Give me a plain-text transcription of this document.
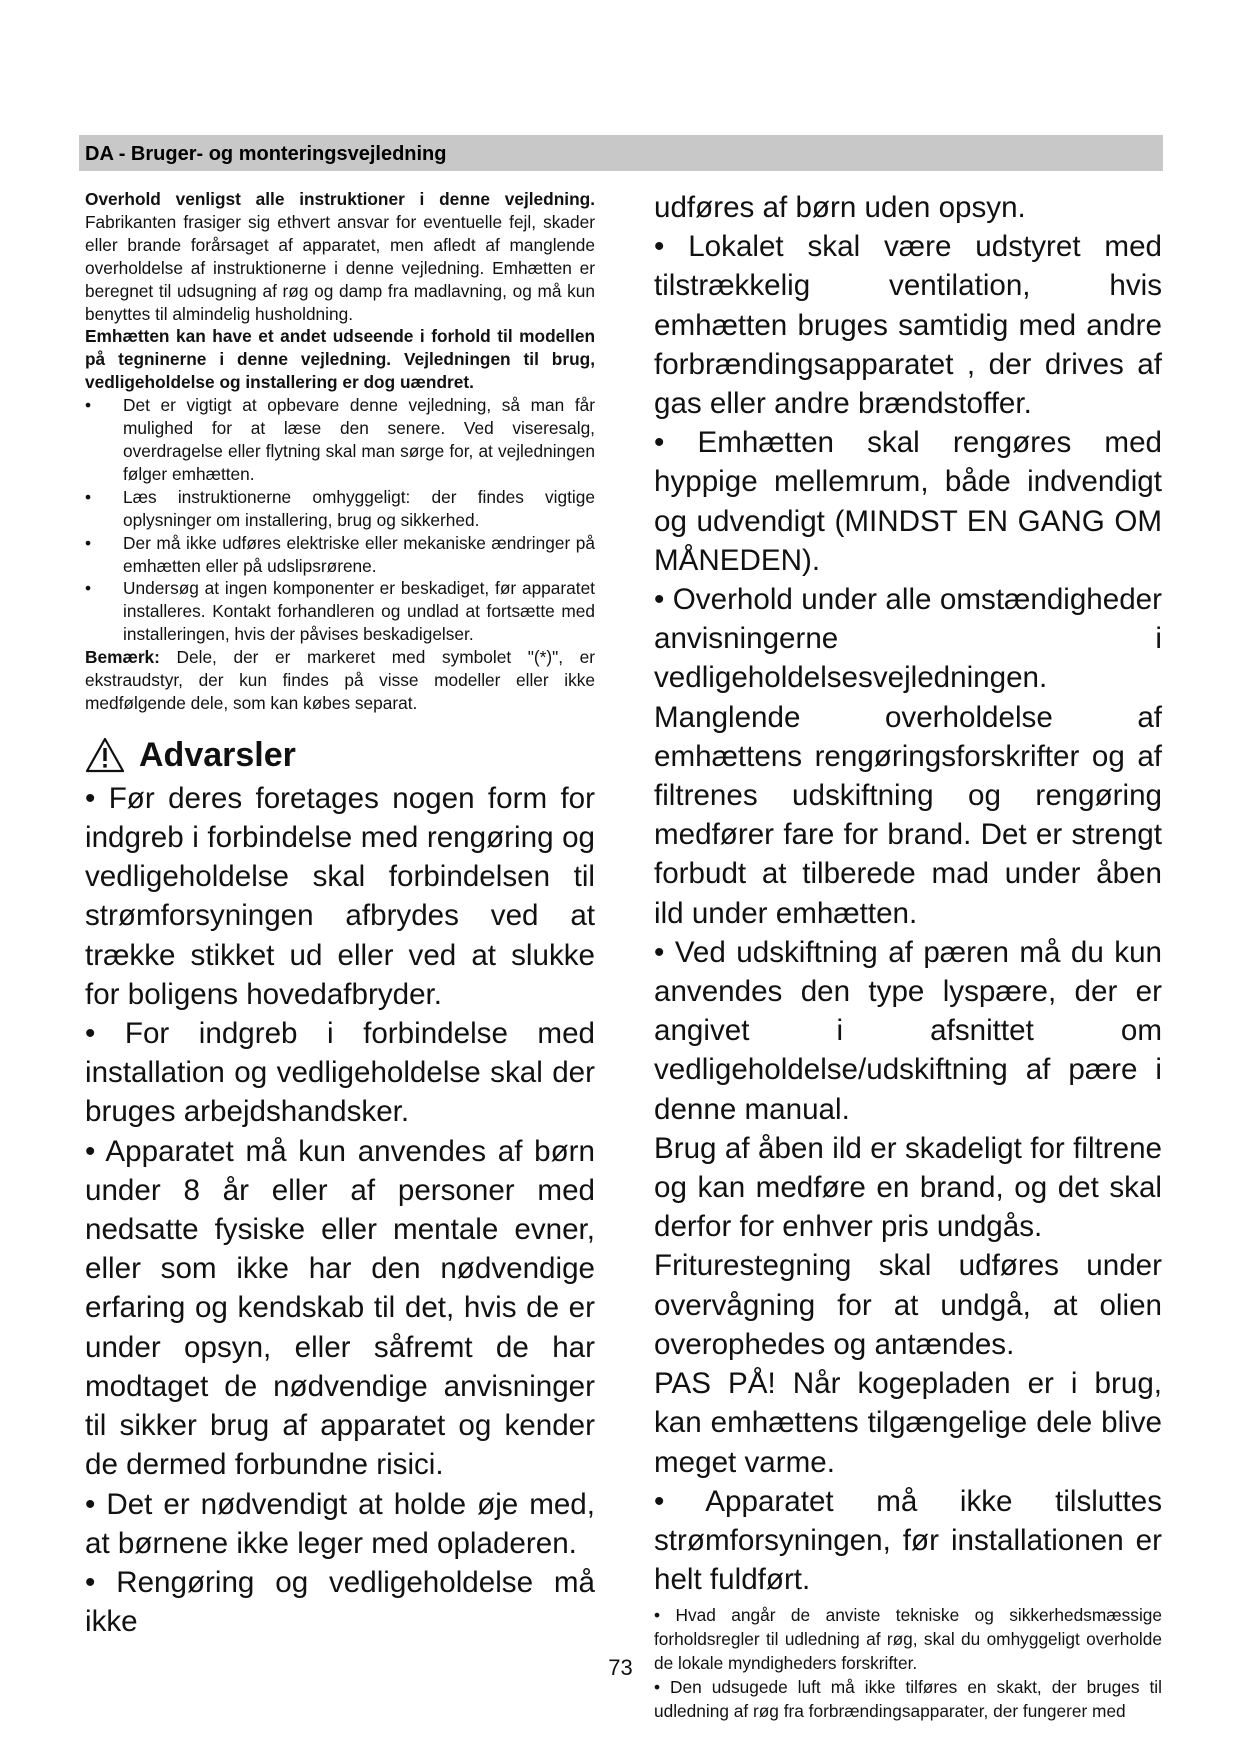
DA - Bruger- og monteringsvejledning

Overhold venligst alle instruktioner i denne vejledning. Fabrikanten frasiger sig ethvert ansvar for eventuelle fejl, skader eller brande forårsaget af apparatet, men afledt af manglende overholdelse af instruktionerne i denne vejledning. Emhætten er beregnet til udsugning af røg og damp fra madlavning, og må kun benyttes til almindelig husholdning.

Emhætten kan have et andet udseende i forhold til modellen på tegninerne i denne vejledning. Vejledningen til brug, vedligeholdelse og installering er dog uændret.

• Det er vigtigt at opbevare denne vejledning, så man får mulighed for at læse den senere. Ved viseresalg, overdragelse eller flytning skal man sørge for, at vejledningen følger emhætten.
• Læs instruktionerne omhyggeligt: der findes vigtige oplysninger om installering, brug og sikkerhed.
• Der må ikke udføres elektriske eller mekaniske ændringer på emhætten eller på udslipsrørene.
• Undersøg at ingen komponenter er beskadiget, før apparatet installeres. Kontakt forhandleren og undlad at fortsætte med installeringen, hvis der påvises beskadigelser.

Bemærk: Dele, der er markeret med symbolet "(*)", er ekstraudstyr, der kun findes på visse modeller eller ikke medfølgende dele, som kan købes separat.

Advarsler

• Før deres foretages nogen form for indgreb i forbindelse med rengøring og vedligeholdelse skal forbindelsen til strømforsyningen afbrydes ved at trække stikket ud eller ved at slukke for boligens hovedafbryder.

• For indgreb i forbindelse med installation og vedligeholdelse skal der bruges arbejdshandsker.

• Apparatet må kun anvendes af børn under 8 år eller af personer med nedsatte fysiske eller mentale evner, eller som ikke har den nødvendige erfaring og kendskab til det, hvis de er under opsyn, eller såfremt de har modtaget de nødvendige anvisninger til sikker brug af apparatet og kender de dermed forbundne risici.

• Det er nødvendigt at holde øje med, at børnene ikke leger med opladeren.

• Rengøring og vedligeholdelse må ikke

udføres af børn uden opsyn.

• Lokalet skal være udstyret med tilstrækkelig ventilation, hvis emhætten bruges samtidig med andre forbrændingsapparatet , der drives af gas eller andre brændstoffer.

• Emhætten skal rengøres med hyppige mellemrum, både indvendigt og udvendigt (MINDST EN GANG OM MÅNEDEN).

• Overhold under alle omstændigheder anvisningerne i vedligeholdelsesvejledningen.

Manglende overholdelse af emhættens rengøringsforskrifter og af filtrenes udskiftning og rengøring medfører fare for brand. Det er strengt forbudt at tilberede mad under åben ild under emhætten.

• Ved udskiftning af pæren må du kun anvendes den type lyspære, der er angivet i afsnittet om vedligeholdelse/udskiftning af pære i denne manual.

Brug af åben ild er skadeligt for filtrene og kan medføre en brand, og det skal derfor for enhver pris undgås.

Friturestegning skal udføres under overvågning for at undgå, at olien overophedes og antændes.

PAS PÅ! Når kogepladen er i brug, kan emhættens tilgængelige dele blive meget varme.

• Apparatet må ikke tilsluttes strømforsyningen, før installationen er helt fuldført.

• Hvad angår de anviste tekniske og sikkerhedsmæssige forholdsregler til udledning af røg, skal du omhyggeligt overholde de lokale myndigheders forskrifter.

• Den udsugede luft må ikke tilføres en skakt, der bruges til udledning af røg fra forbrændingsapparater, der fungerer med

73
